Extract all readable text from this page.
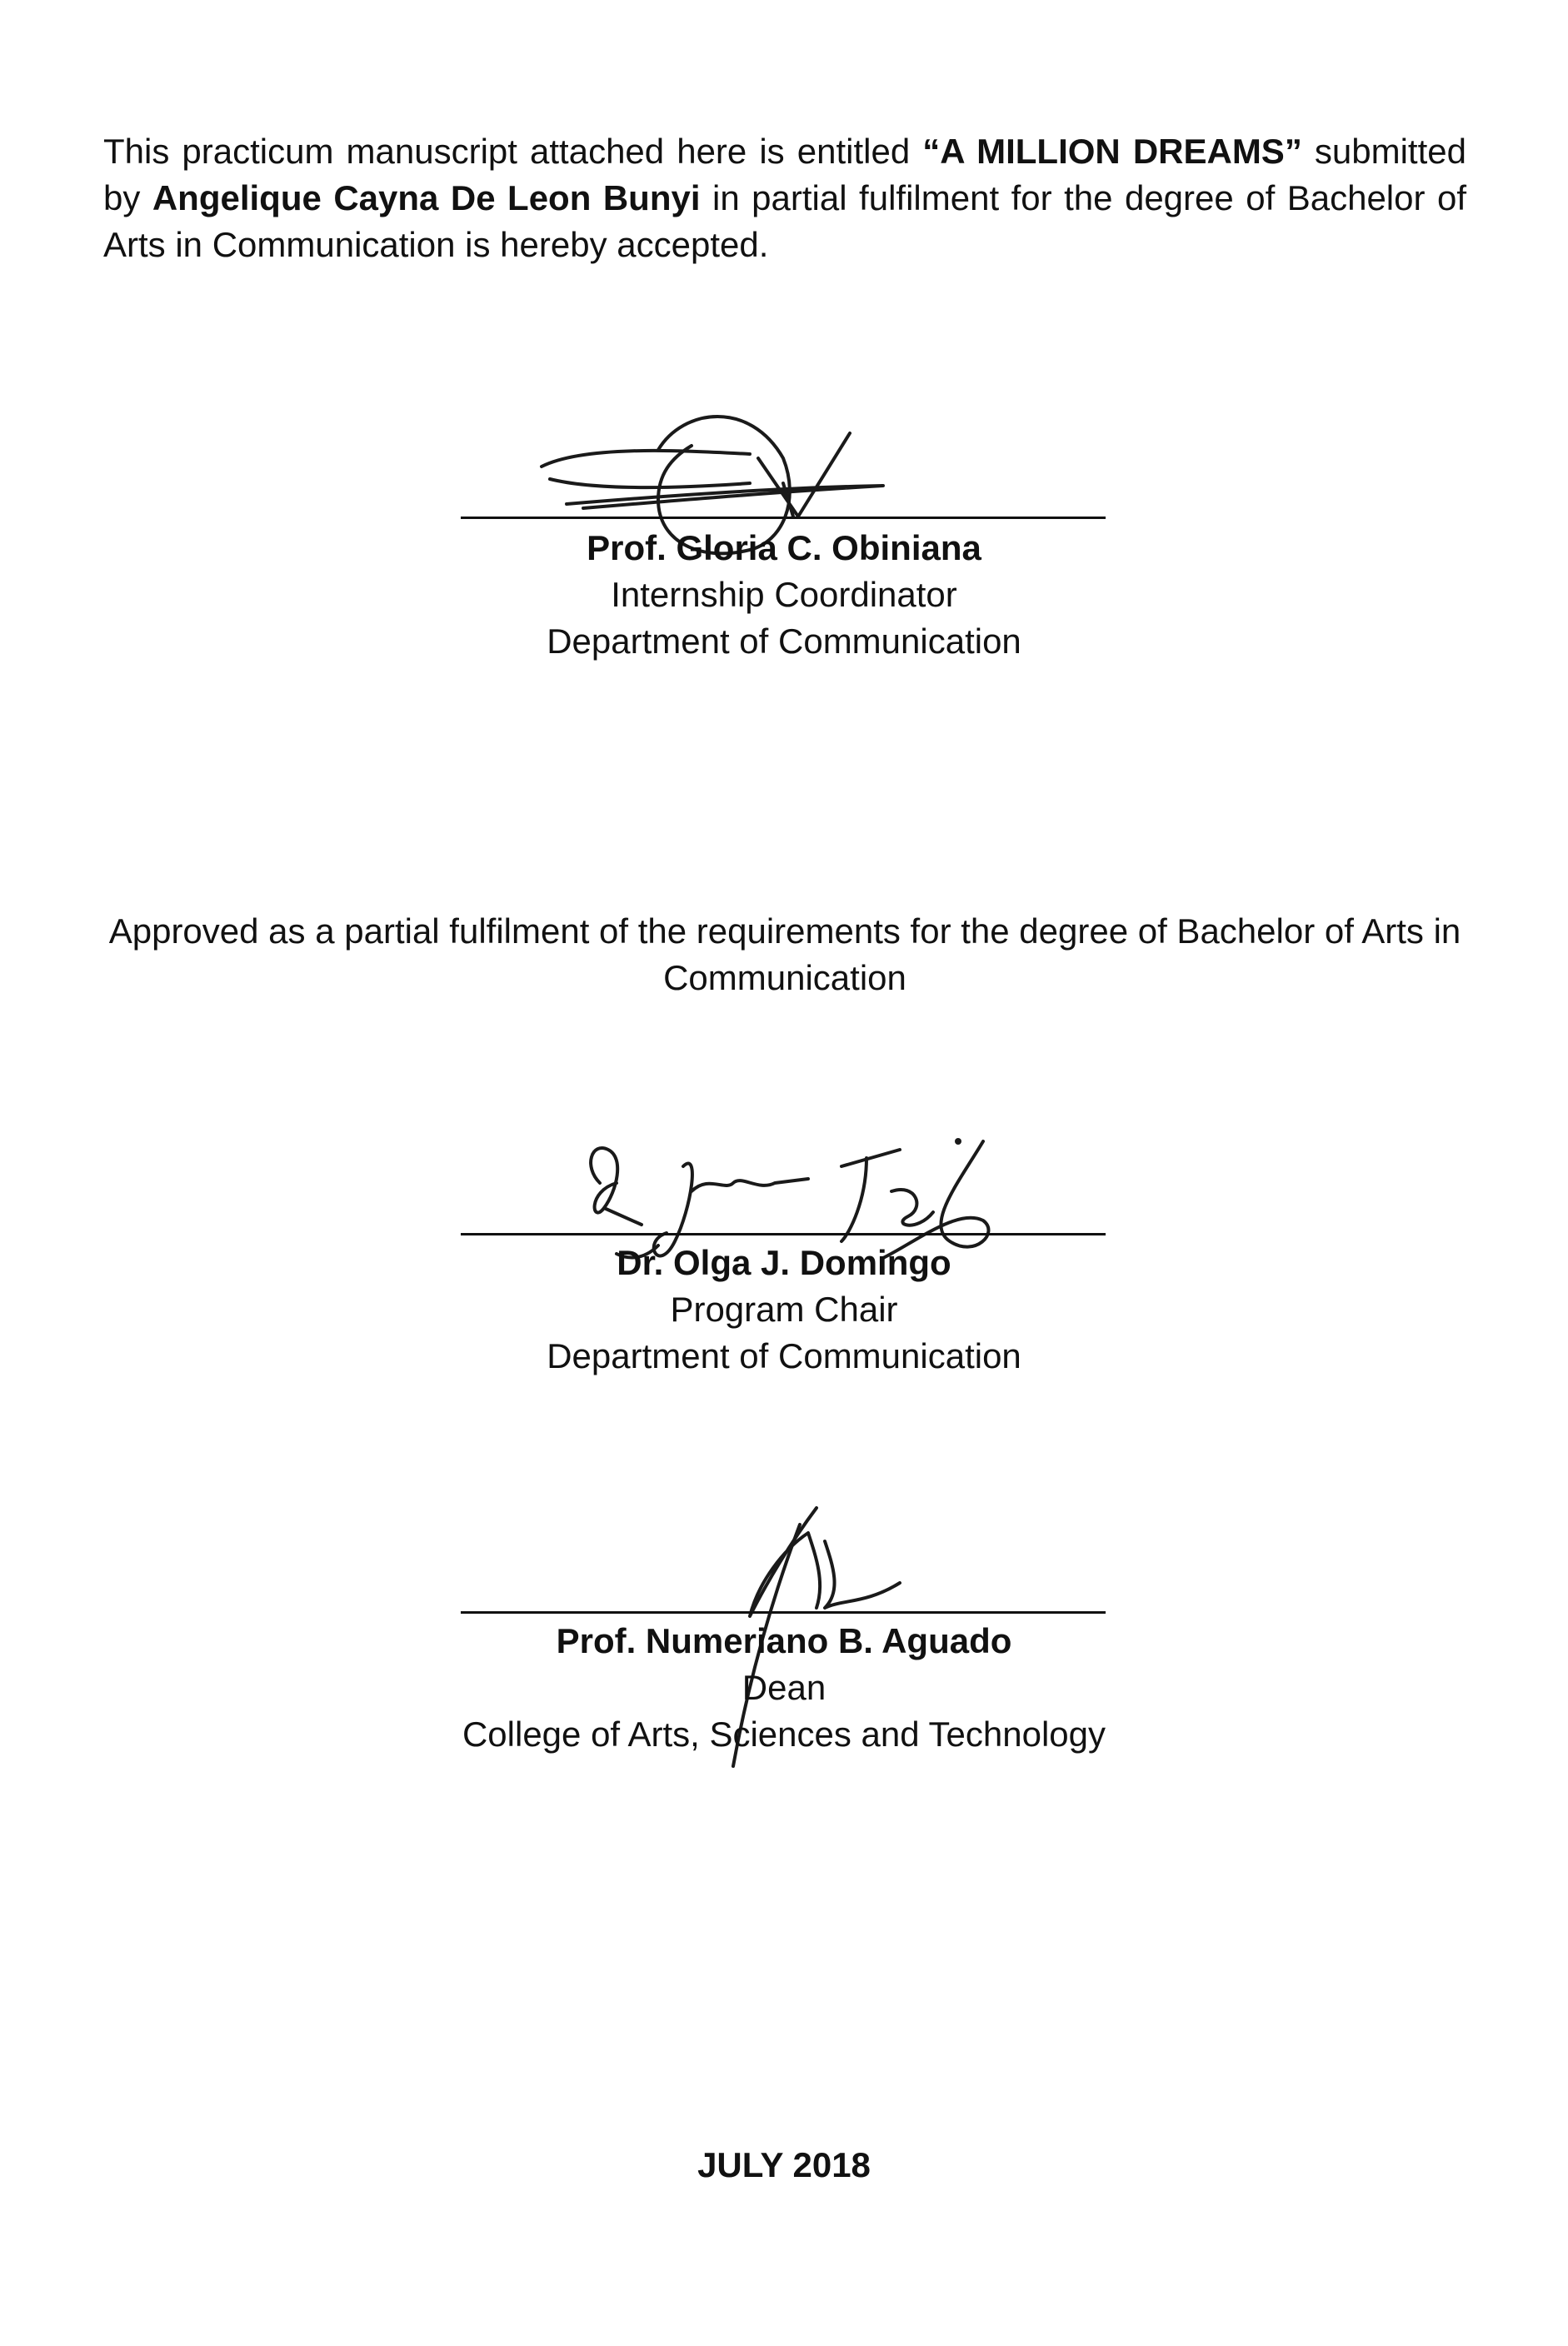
This practicum manuscript attached here is entitled “A MILLION DREAMS” submitted by Angelique Cayna De Leon Bunyi in partial fulfilment for the degree of Bachelor of Arts in Communication is hereby accepted.

Prof. Gloria C. Obiniana
Internship Coordinator
Department of Communication

Approved as a partial fulfilment of the requirements for the degree of Bachelor of Arts in Communication

Dr. Olga J. Domingo
Program Chair
Department of Communication
Prof. Numeriano B. Aguado
Dean
College of Arts, Sciences and Technology
JULY 2018
